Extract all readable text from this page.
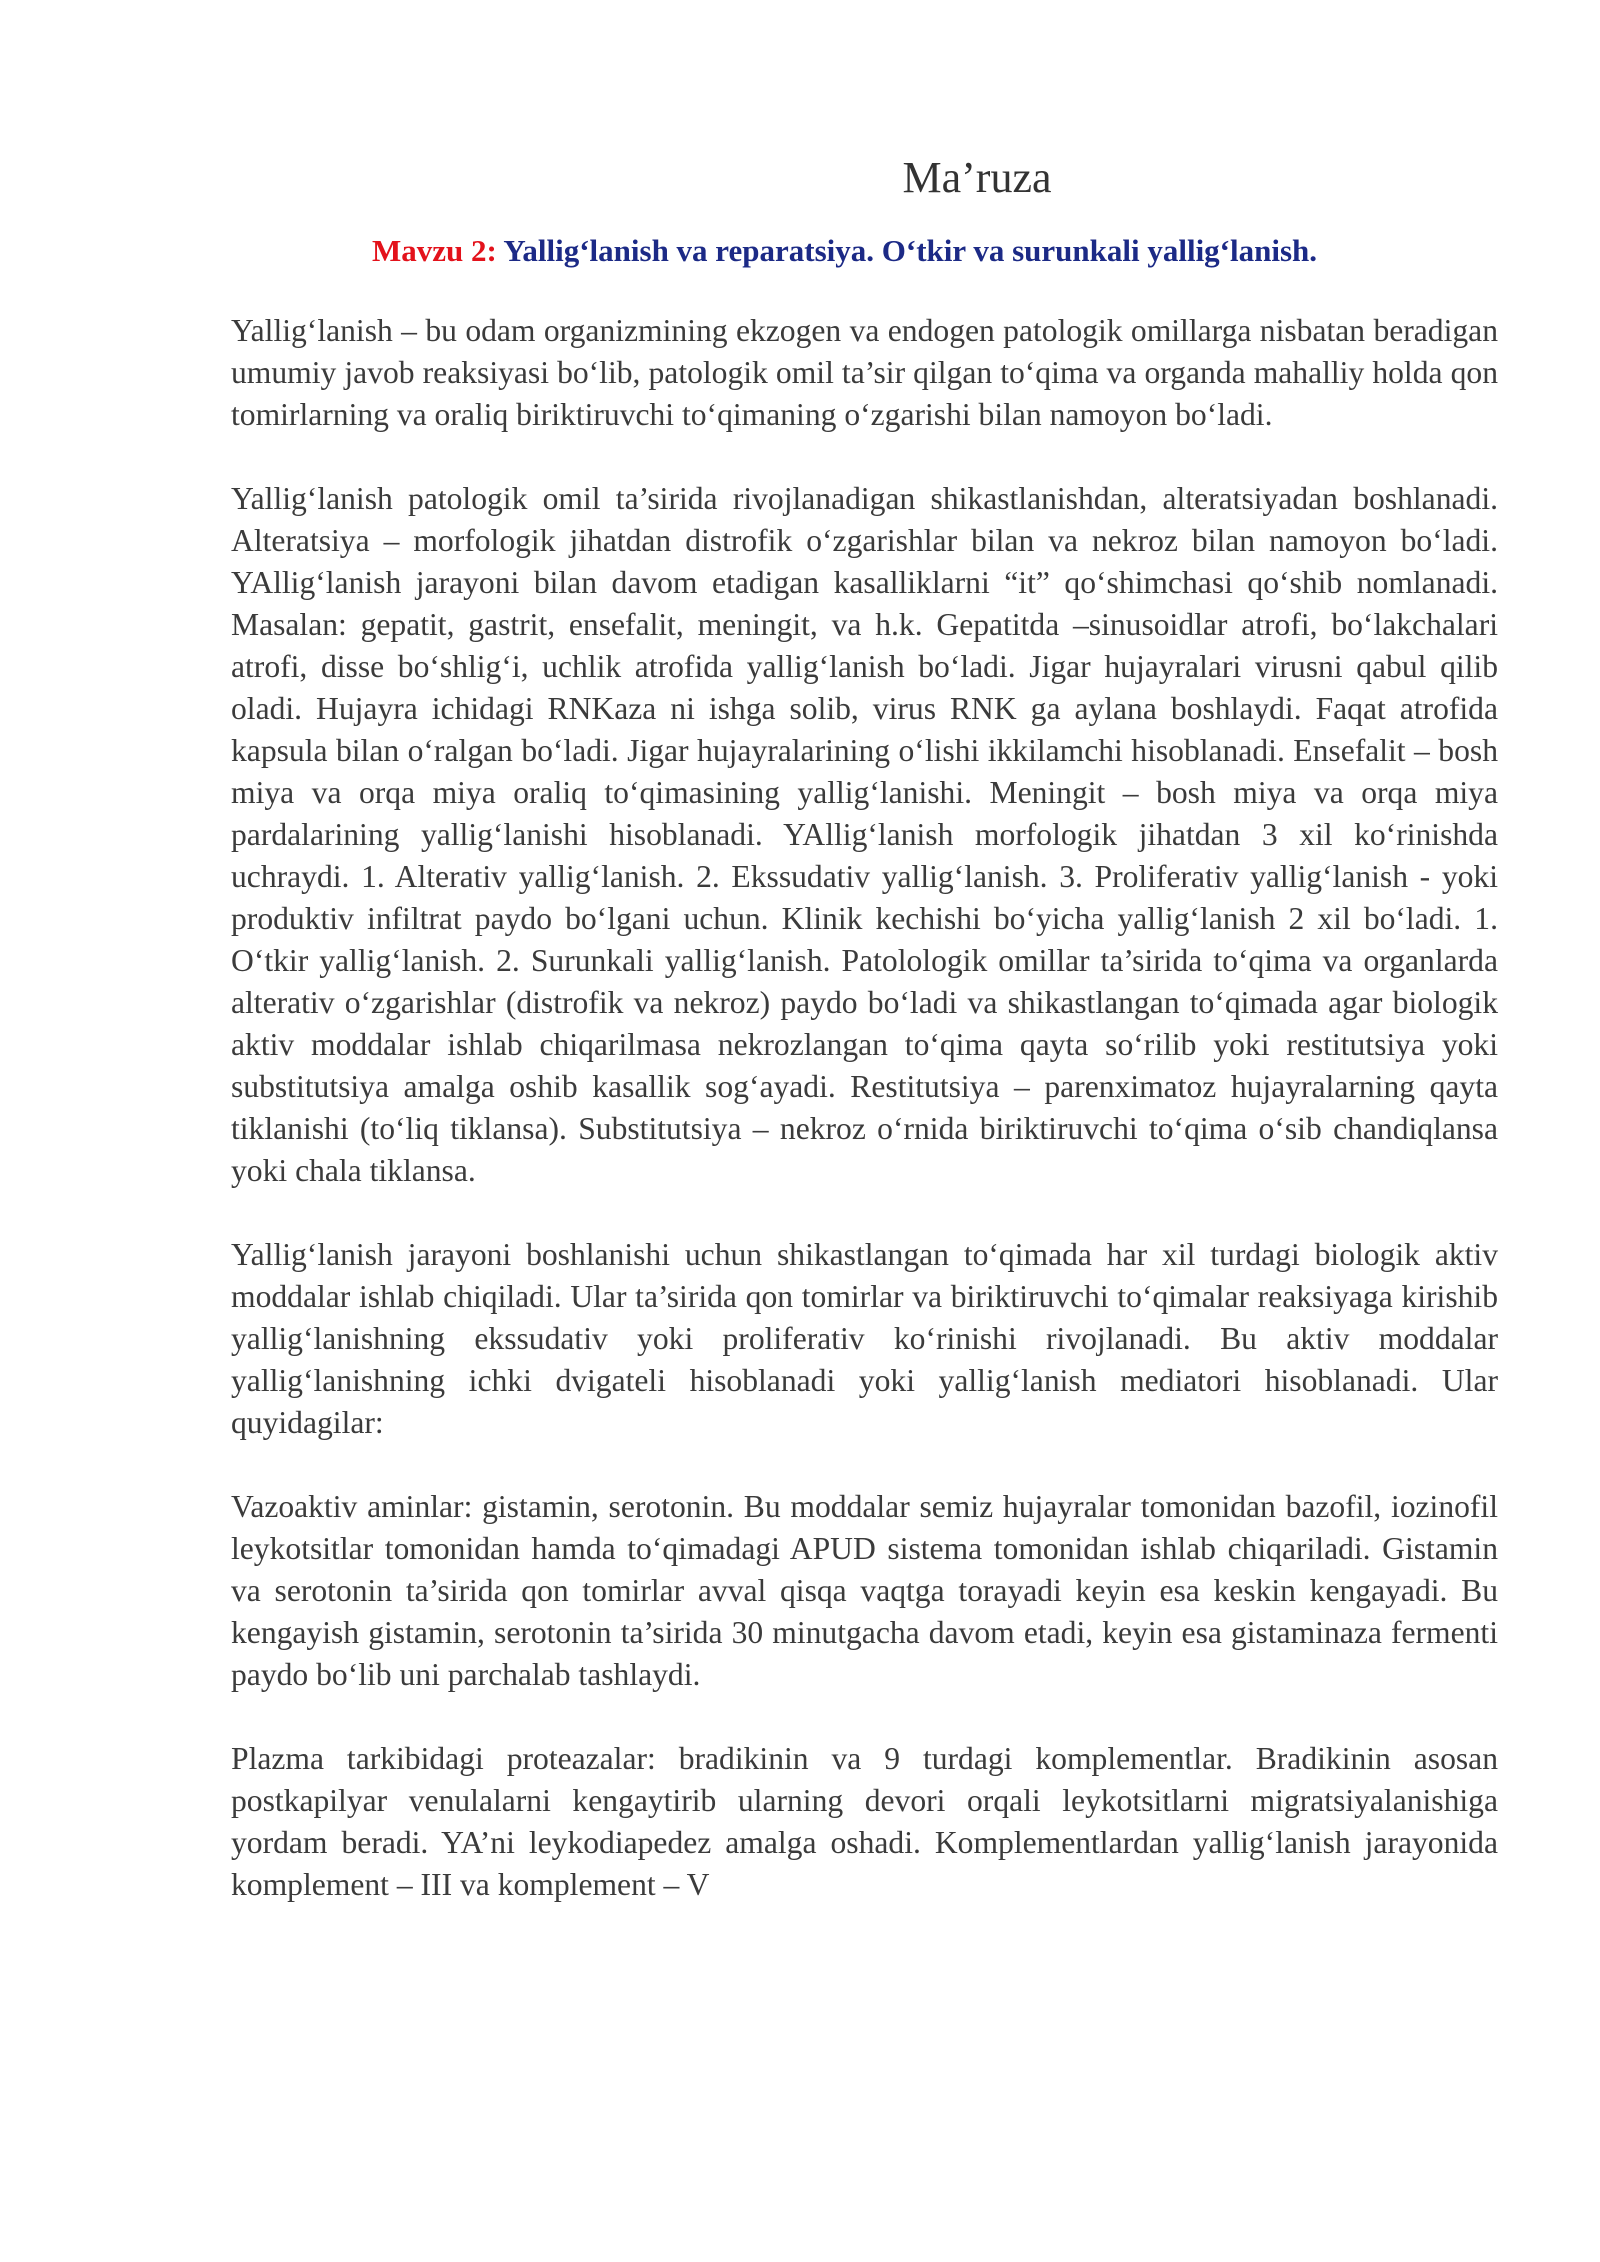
Ma’ruza
Mavzu 2: Yallig‘lanish va reparatsiya. O‘tkir va surunkali yallig‘lanish.

Yallig‘lanish – bu odam organizmining ekzogen va endogen patologik omillarga nisbatan beradigan umumiy javob reaksiyasi bo‘lib, patologik omil ta’sir qilgan to‘qima va organda mahalliy holda qon tomirlarning va oraliq biriktiruvchi to‘qimaning o‘zgarishi bilan namoyon bo‘ladi.

Yallig‘lanish patologik omil ta’sirida rivojlanadigan shikastlanishdan, alteratsiyadan boshlanadi. Alteratsiya – morfologik jihatdan distrofik o‘zgarishlar bilan va nekroz bilan namoyon bo‘ladi. YAllig‘lanish jarayoni bilan davom etadigan kasalliklarni “it” qo‘shimchasi qo‘shib nomlanadi. Masalan: gepatit, gastrit, ensefalit, meningit, va h.k. Gepatitda –sinusoidlar atrofi, bo‘lakchalari atrofi, disse bo‘shlig‘i, uchlik atrofida yallig‘lanish bo‘ladi. Jigar hujayralari virusni qabul qilib oladi. Hujayra ichidagi RNKaza ni ishga solib, virus RNK ga aylana boshlaydi. Faqat atrofida kapsula bilan o‘ralgan bo‘ladi. Jigar hujayralarining o‘lishi ikkilamchi hisoblanadi. Ensefalit – bosh miya va orqa miya oraliq to‘qimasining yallig‘lanishi. Meningit – bosh miya va orqa miya pardalarining yallig‘lanishi hisoblanadi. YAllig‘lanish morfologik jihatdan 3 xil ko‘rinishda uchraydi. 1. Alterativ yallig‘lanish. 2. Ekssudativ yallig‘lanish. 3. Proliferativ yallig‘lanish - yoki produktiv infiltrat paydo bo‘lgani uchun. Klinik kechishi bo‘yicha yallig‘lanish 2 xil bo‘ladi. 1. O‘tkir yallig‘lanish. 2. Surunkali yallig‘lanish. Patolologik omillar ta’sirida to‘qima va organlarda alterativ o‘zgarishlar (distrofik va nekroz) paydo bo‘ladi va shikastlangan to‘qimada agar biologik aktiv moddalar ishlab chiqarilmasa nekrozlangan to‘qima qayta so‘rilib yoki restitutsiya yoki substitutsiya amalga oshib kasallik sog‘ayadi. Restitutsiya – parenximatoz hujayralarning qayta tiklanishi (to‘liq tiklansa). Substitutsiya – nekroz o‘rnida biriktiruvchi to‘qima o‘sib chandiqlansa yoki chala tiklansa.

Yallig‘lanish jarayoni boshlanishi uchun shikastlangan to‘qimada har xil turdagi biologik aktiv moddalar ishlab chiqiladi. Ular ta’sirida qon tomirlar va biriktiruvchi to‘qimalar reaksiyaga kirishib yallig‘lanishning ekssudativ yoki proliferativ ko‘rinishi rivojlanadi. Bu aktiv moddalar yallig‘lanishning ichki dvigateli hisoblanadi yoki yallig‘lanish mediatori hisoblanadi. Ular quyidagilar:

Vazoaktiv aminlar: gistamin, serotonin. Bu moddalar semiz hujayralar tomonidan bazofil, iozinofil leykotsitlar tomonidan hamda to‘qimadagi APUD sistema tomonidan ishlab chiqariladi. Gistamin va serotonin ta’sirida qon tomirlar avval qisqa vaqtga torayadi keyin esa keskin kengayadi. Bu kengayish gistamin, serotonin ta’sirida 30 minutgacha davom etadi, keyin esa gistaminaza fermenti paydo bo‘lib uni parchalab tashlaydi.

Plazma tarkibidagi proteazalar: bradikinin va 9 turdagi komplementlar. Bradikinin asosan postkapilyar venulalarni kengaytirib ularning devori orqali leykotsitlarni migratsiyalanishiga yordam beradi. YA’ni leykodiapedez amalga oshadi. Komplementlardan yallig‘lanish jarayonida komplement – III va komplement – V
